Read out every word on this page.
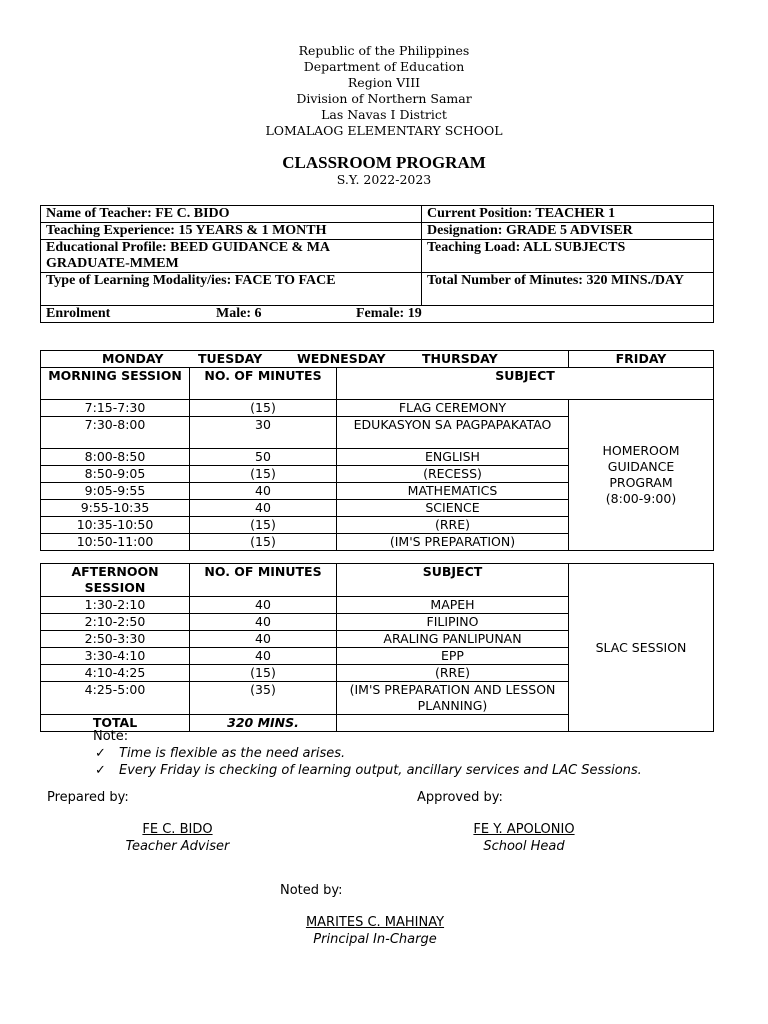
Republic of the Philippines
Department of Education
Region VIII
Division of Northern Samar
Las Navas I District
LOMALAOG ELEMENTARY SCHOOL
CLASSROOM PROGRAM
S.Y. 2022-2023
Name of Teacher: FE C. BIDO	Current Position: TEACHER 1
Teaching Experience: 15 YEARS & 1 MONTH	Designation: GRADE 5 ADVISER
Educational Profile: BEED GUIDANCE & MA GRADUATE-MMEM	Teaching Load: ALL SUBJECTS
Type of Learning Modality/ies: FACE TO FACE	Total Number of Minutes: 320 MINS./DAY
Enrolment Male: 6 Female: 19	
MONDAY TUESDAY WEDNESDAY THURSDAY			FRIDAY
MORNING SESSION	NO. OF MINUTES	SUBJECT	
7:15-7:30	(15)	FLAG CEREMONY	HOMEROOM
GUIDANCE
PROGRAM
(8:00-9:00)

7:30-8:00	30	EDUKASYON SA PAGPAPAKATAO	
8:00-8:50	50	ENGLISH	
8:50-9:05	(15)	(RECESS)	
9:05-9:55	40	MATHEMATICS	
9:55-10:35	40	SCIENCE	
10:35-10:50	(15)	(RRE)	
10:50-11:00	(15)	(IM'S PREPARATION)	
AFTERNOON SESSION	NO. OF MINUTES	SUBJECT	SLAC SESSION
1:30-2:10	40	MAPEH	
2:10-2:50	40	FILIPINO	
2:50-3:30	40	ARALING PANLIPUNAN	
3:30-4:10	40	EPP	
4:10-4:25	(15)	(RRE)	
4:25-5:00	(35)	(IM'S PREPARATION AND LESSON PLANNING)	
TOTAL	320 MINS.		
Note:
✓ Time is flexible as the need arises.
✓ Every Friday is checking of learning output, ancillary services and LAC Sessions.
Prepared by:	Approved by:
FE C. BIDO
Teacher Adviser
FE Y. APOLONIO
School Head
Noted by:
MARITES C. MAHINAY
Principal In-Charge
